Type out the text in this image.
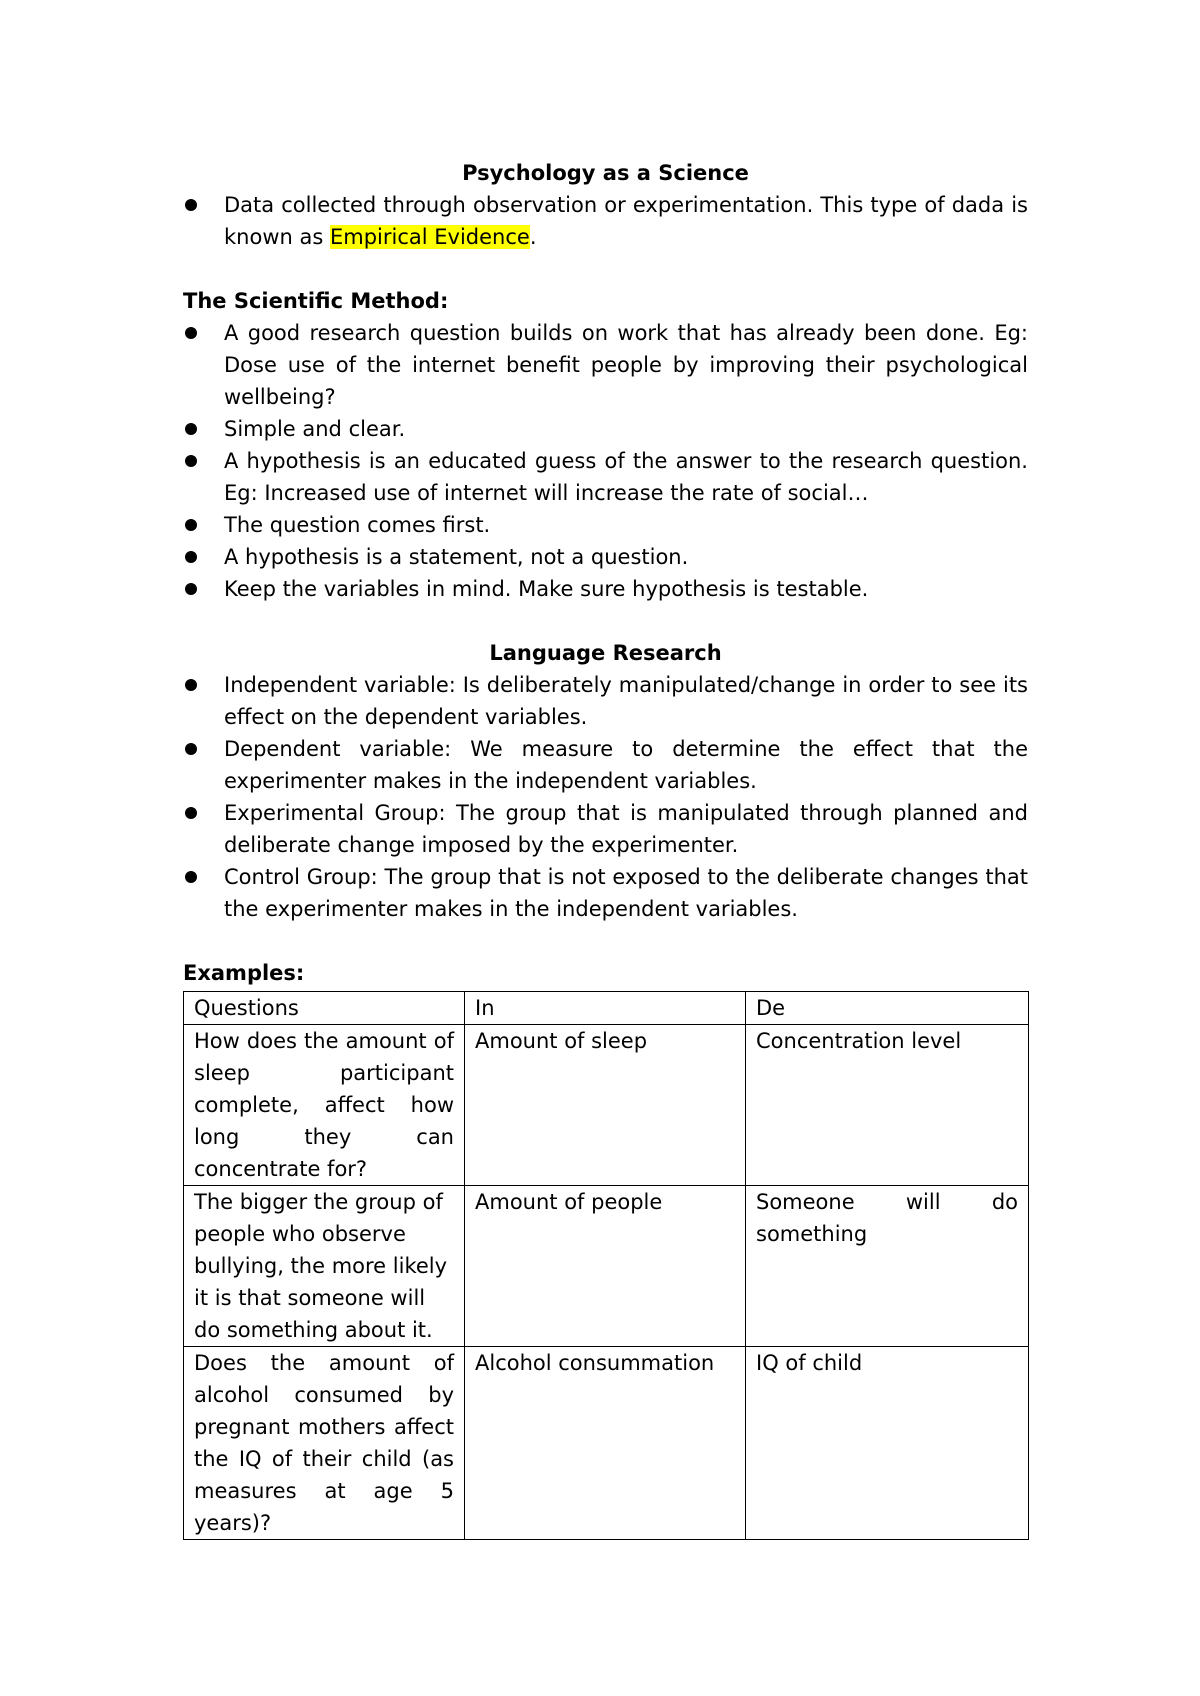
Psychology as a Science
Data collected through observation or experimentation. This type of dada is known as Empirical Evidence.
The Scientific Method:
A good research question builds on work that has already been done. Eg: Dose use of the internet benefit people by improving their psychological wellbeing?
Simple and clear.
A hypothesis is an educated guess of the answer to the research question. Eg: Increased use of internet will increase the rate of social…
The question comes first.
A hypothesis is a statement, not a question.
Keep the variables in mind. Make sure hypothesis is testable.
Language Research
Independent variable: Is deliberately manipulated/change in order to see its effect on the dependent variables.
Dependent variable: We measure to determine the effect that the experimenter makes in the independent variables.
Experimental Group: The group that is manipulated through planned and deliberate change imposed by the experimenter.
Control Group: The group that is not exposed to the deliberate changes that the experimenter makes in the independent variables.
Examples:
Questions	In	De
How does the amount of sleep participant complete, affect how long they can concentrate for?	Amount of sleep	Concentration level
The bigger the group of people who observe bullying, the more likely it is that someone will do something about it.	Amount of people	Someone will do something
Does the amount of alcohol consumed by pregnant mothers affect the IQ of their child (as measures at age 5 years)?	Alcohol consummation	IQ of child
